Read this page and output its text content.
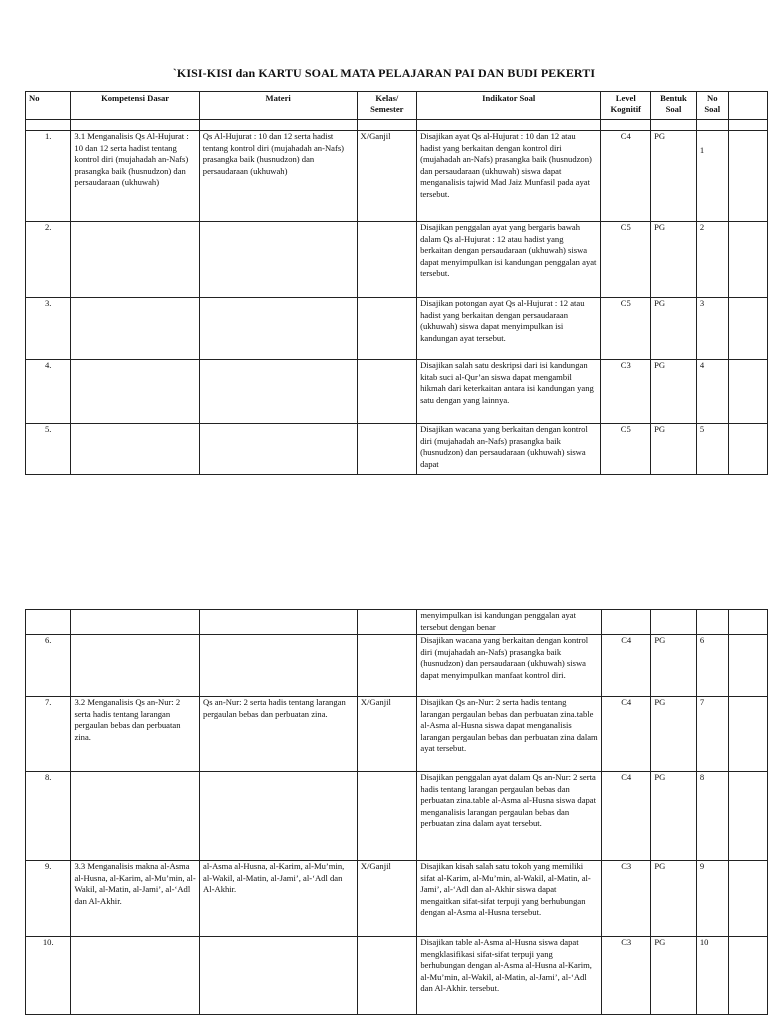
`KISI-KISI dan KARTU SOAL MATA PELAJARAN PAI DAN BUDI PEKERTI
No	Kompetensi Dasar	Materi	Kelas/ Semester	Indikator Soal	Level Kognitif	Bentuk Soal	No Soal	

1.	3.1 Menganalisis Qs Al-Hujurat : 10 dan 12 serta hadist tentang kontrol diri (mujahadah an-Nafs) prasangka baik (husnudzon) dan persaudaraan (ukhuwah)	Qs Al-Hujurat : 10 dan 12 serta hadist tentang kontrol diri (mujahadah an-Nafs) prasangka baik (husnudzon) dan persaudaraan (ukhuwah)	X/Ganjil	Disajikan ayat Qs al-Hujurat : 10 dan 12 atau hadist yang berkaitan dengan kontrol diri (mujahadah an-Nafs) prasangka baik (husnudzon) dan persaudaraan (ukhuwah) siswa dapat menganalisis tajwid Mad Jaiz Munfasil pada ayat tersebut.	C4	PG	1	
2.				Disajikan penggalan ayat yang bergaris bawah dalam Qs al-Hujurat : 12 atau hadist yang berkaitan dengan persaudaraan (ukhuwah) siswa dapat menyimpulkan isi kandungan penggalan ayat tersebut.	C5	PG	2	
3.				Disajikan potongan ayat Qs al-Hujurat : 12 atau hadist yang berkaitan dengan persaudaraan (ukhuwah) siswa dapat menyimpulkan isi kandungan ayat tersebut.	C5	PG	3	
4.				Disajikan salah satu deskripsi dari isi kandungan kitab suci al-Qur’an siswa dapat mengambil hikmah dari keterkaitan antara isi kandungan yang satu dengan yang lainnya.	C3	PG	4	
5.				Disajikan wacana yang berkaitan dengan kontrol diri (mujahadah an-Nafs) prasangka baik (husnudzon) dan persaudaraan (ukhuwah) siswa dapat	C5	PG	5	
				menyimpulkan isi kandungan penggalan ayat tersebut dengan benar				
6.				Disajikan wacana yang berkaitan dengan kontrol diri (mujahadah an-Nafs) prasangka baik (husnudzon) dan persaudaraan (ukhuwah) siswa dapat menyimpulkan manfaat kontrol diri.	C4	PG	6	
7.	3.2 Menganalisis Qs an-Nur: 2 serta hadis tentang larangan pergaulan bebas dan perbuatan zina.	Qs an-Nur: 2 serta hadis tentang larangan pergaulan bebas dan perbuatan zina.	X/Ganjil	Disajikan Qs an-Nur: 2 serta hadis tentang larangan pergaulan bebas dan perbuatan zina.table al-Asma al-Husna siswa dapat menganalisis larangan pergaulan bebas dan perbuatan zina dalam ayat tersebut.	C4	PG	7	
8.				Disajikan penggalan ayat dalam Qs an-Nur: 2 serta hadis tentang larangan pergaulan bebas dan perbuatan zina.table al-Asma al-Husna siswa dapat menganalisis larangan pergaulan bebas dan perbuatan zina dalam ayat tersebut.	C4	PG	8	
9.	3.3 Menganalisis makna al-Asma al-Husna, al-Karim, al-Mu’min, al-Wakil, al-Matin, al-Jami’, al-‘Adl dan Al-Akhir.	al-Asma al-Husna, al-Karim, al-Mu’min, al-Wakil, al-Matin, al-Jami’, al-‘Adl dan Al-Akhir.	X/Ganjil	Disajikan kisah salah satu tokoh yang memiliki sifat al-Karim, al-Mu’min, al-Wakil, al-Matin, al-Jami’, al-‘Adl dan al-Akhir siswa dapat mengaitkan sifat-sifat terpuji yang berhubungan dengan al-Asma al-Husna tersebut.	C3	PG	9	
10.				Disajikan table al-Asma al-Husna siswa dapat mengklasifikasi sifat-sifat terpuji yang berhubungan dengan al-Asma al-Husna al-Karim, al-Mu’min, al-Wakil, al-Matin, al-Jami’, al-‘Adl dan Al-Akhir. tersebut.	C3	PG	10	
